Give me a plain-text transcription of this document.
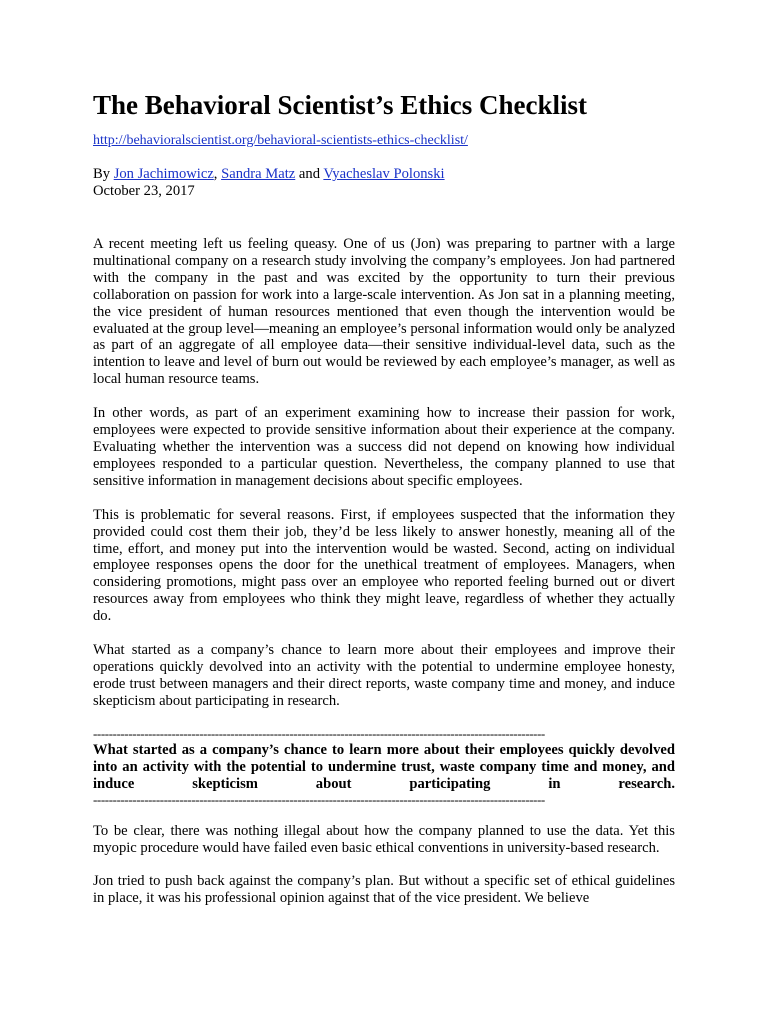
The Behavioral Scientist’s Ethics Checklist
http://behavioralscientist.org/behavioral-scientists-ethics-checklist/
By Jon Jachimowicz, Sandra Matz and Vyacheslav Polonski
October 23, 2017

A recent meeting left us feeling queasy. One of us (Jon) was preparing to partner with a large multinational company on a research study involving the company’s employees. Jon had partnered with the company in the past and was excited by the opportunity to turn their previous collaboration on passion for work into a large-scale intervention. As Jon sat in a planning meeting, the vice president of human resources mentioned that even though the intervention would be evaluated at the group level—meaning an employee’s personal information would only be analyzed as part of an aggregate of all employee data—their sensitive individual-level data, such as the intention to leave and level of burn out would be reviewed by each employee’s manager, as well as local human resource teams.

In other words, as part of an experiment examining how to increase their passion for work, employees were expected to provide sensitive information about their experience at the company. Evaluating whether the intervention was a success did not depend on knowing how individual employees responded to a particular question. Nevertheless, the company planned to use that sensitive information in management decisions about specific employees.

This is problematic for several reasons. First, if employees suspected that the information they provided could cost them their job, they’d be less likely to answer honestly, meaning all of the time, effort, and money put into the intervention would be wasted. Second, acting on individual employee responses opens the door for the unethical treatment of employees. Managers, when considering promotions, might pass over an employee who reported feeling burned out or divert resources away from employees who think they might leave, regardless of whether they actually do.

What started as a company’s chance to learn more about their employees and improve their operations quickly devolved into an activity with the potential to undermine employee honesty, erode trust between managers and their direct reports, waste company time and money, and induce skepticism about participating in research.

-------------------------------------------------------------------------------------------------------------------

What started as a company’s chance to learn more about their employees quickly devolved into an activity with the potential to undermine trust, waste company time and money, and induce skepticism about participating in research.

-------------------------------------------------------------------------------------------------------------------

To be clear, there was nothing illegal about how the company planned to use the data. Yet this myopic procedure would have failed even basic ethical conventions in university-based research.

Jon tried to push back against the company’s plan. But without a specific set of ethical guidelines in place, it was his professional opinion against that of the vice president. We believe
